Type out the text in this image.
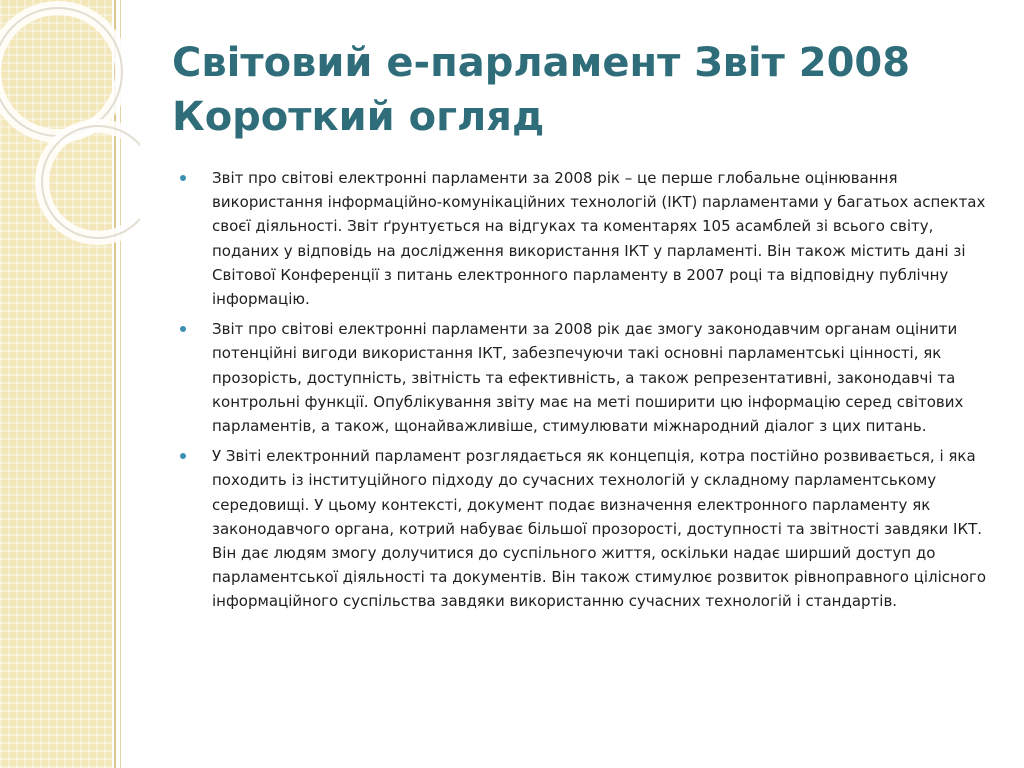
Світовий е-парламент Звіт 2008
Короткий огляд
Звіт про світові електронні парламенти за 2008 рік – це перше глобальне оцінювання використання інформаційно-комунікаційних технологій (ІКТ) парламентами у багатьох аспектах своєї діяльності. Звіт ґрунтується на відгуках та коментарях 105 асамблей зі всього світу, поданих у відповідь на дослідження використання ІКТ у парламенті. Він також містить дані зі Світової Конференції з питань електронного парламенту в 2007 році та відповідну публічну інформацію.
Звіт про світові електронні парламенти за 2008 рік дає змогу законодавчим органам оцінити потенційні вигоди використання ІКТ, забезпечуючи такі основні парламентські цінності, як прозорість, доступність, звітність та ефективність, а також репрезентативні, законодавчі та контрольні функції. Опублікування звіту має на меті поширити цю інформацію серед світових парламентів, а також, щонайважливіше, стимулювати міжнародний діалог з цих питань.
У Звіті електронний парламент розглядається як концепція, котра постійно розвивається, і яка походить із інституційного підходу до сучасних технологій у складному парламентському середовищі. У цьому контексті, документ подає визначення електронного парламенту як законодавчого органа, котрий набуває більшої прозорості, доступності та звітності завдяки ІКТ. Він дає людям змогу долучитися до суспільного життя, оскільки надає ширший доступ до парламентської діяльності та документів. Він також стимулює розвиток рівноправного цілісного інформаційного суспільства завдяки використанню сучасних технологій і стандартів.
